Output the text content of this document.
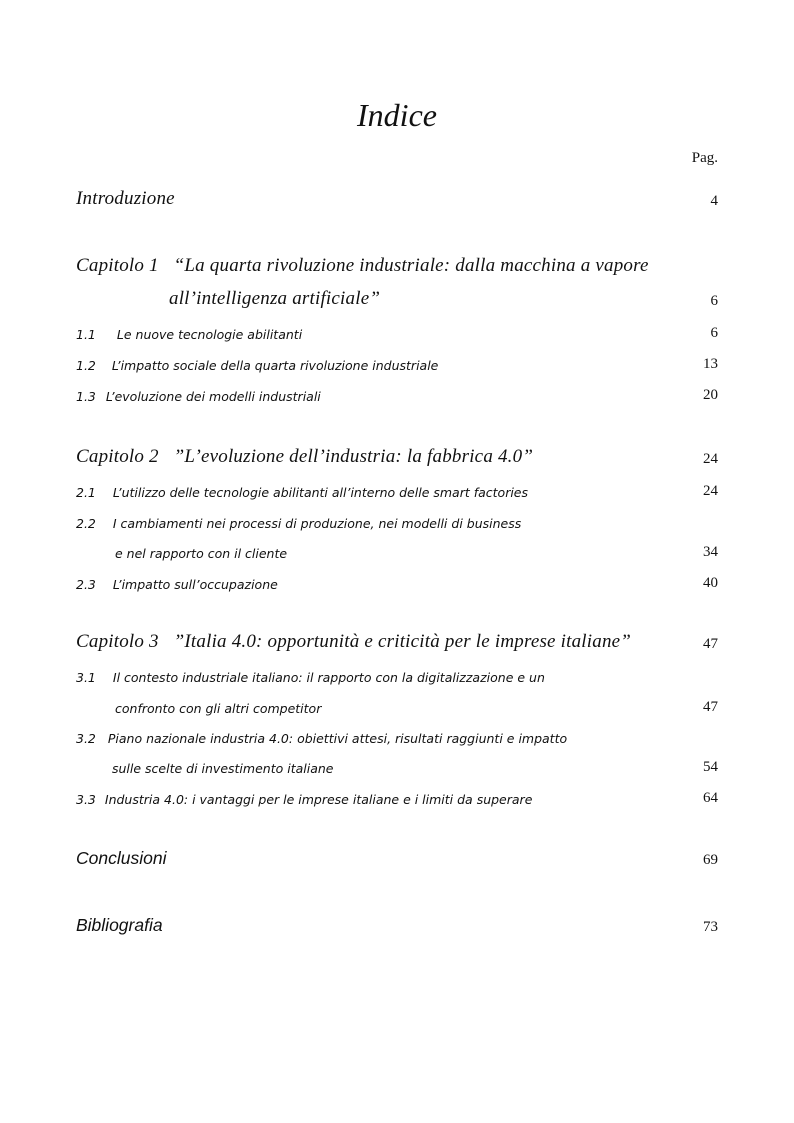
Indice
Pag.
Introduzione	4
Capitolo 1 “La quarta rivoluzione industriale: dalla macchina a vapore
all’intelligenza artificiale”	6
1.1 Le nuove tecnologie abilitanti	6
1.2 L’impatto sociale della quarta rivoluzione industriale	13
1.3 L’evoluzione dei modelli industriali	20
Capitolo 2 ”L’evoluzione dell’industria: la fabbrica 4.0”	24
2.1 L’utilizzo delle tecnologie abilitanti all’interno delle smart factories	24
2.2 I cambiamenti nei processi di produzione, nei modelli di business
e nel rapporto con il cliente	34
2.3 L’impatto sull’occupazione	40
Capitolo 3 ”Italia 4.0: opportunità e criticità per le imprese italiane”	47
3.1 Il contesto industriale italiano: il rapporto con la digitalizzazione e un
confronto con gli altri competitor	47
3.2 Piano nazionale industria 4.0: obiettivi attesi, risultati raggiunti e impatto
sulle scelte di investimento italiane	54
3.3 Industria 4.0: i vantaggi per le imprese italiane e i limiti da superare	64
Conclusioni	69
Bibliografia	73
